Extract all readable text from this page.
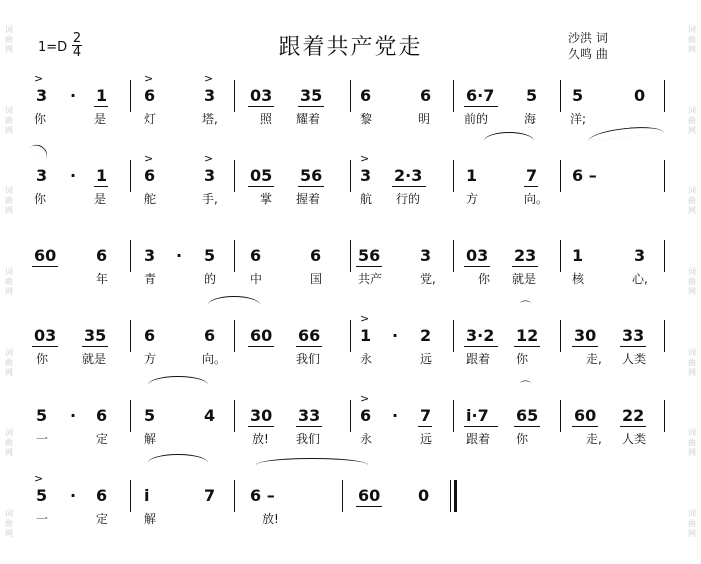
词曲网
词曲网
词曲网
词曲网
词曲网
词曲网
词曲网
词曲网
词曲网
词曲网
词曲网
词曲网
词曲网
词曲网
跟着共产党走
1=D
2
4
沙洪 词
久鸣 曲
>	>	>
3 · 1 6	3 03 35 6	6 6·7 5 5	0
你	是	灯	塔,	照 耀着	黎	明	前的	海	洋;
>	>	>
3 · 1 6	3 05 56 3 2·3	1	7 6 –
你	是	舵	手,	掌 握着	航 行的	方	向。
60 6 3 · 5 6	6 56 3 03 23 1	3
⌒
年	青	的	中	国	共产	党,	你 就是	核	心,
>
03 35 6	6 60 66 1 · 2 3·2 12 30 33
⌒
你	就是	方	向。	我们	永	远	跟着 你	走, 人类
>
5 · 6 5	4 30 33 6 · 7 i·7 65 60 22
一	定	解	放! 我们	永	远	跟着 你	走, 人类
>
5 · 6 i	7 6 –	60 0
一	定	解	放!
